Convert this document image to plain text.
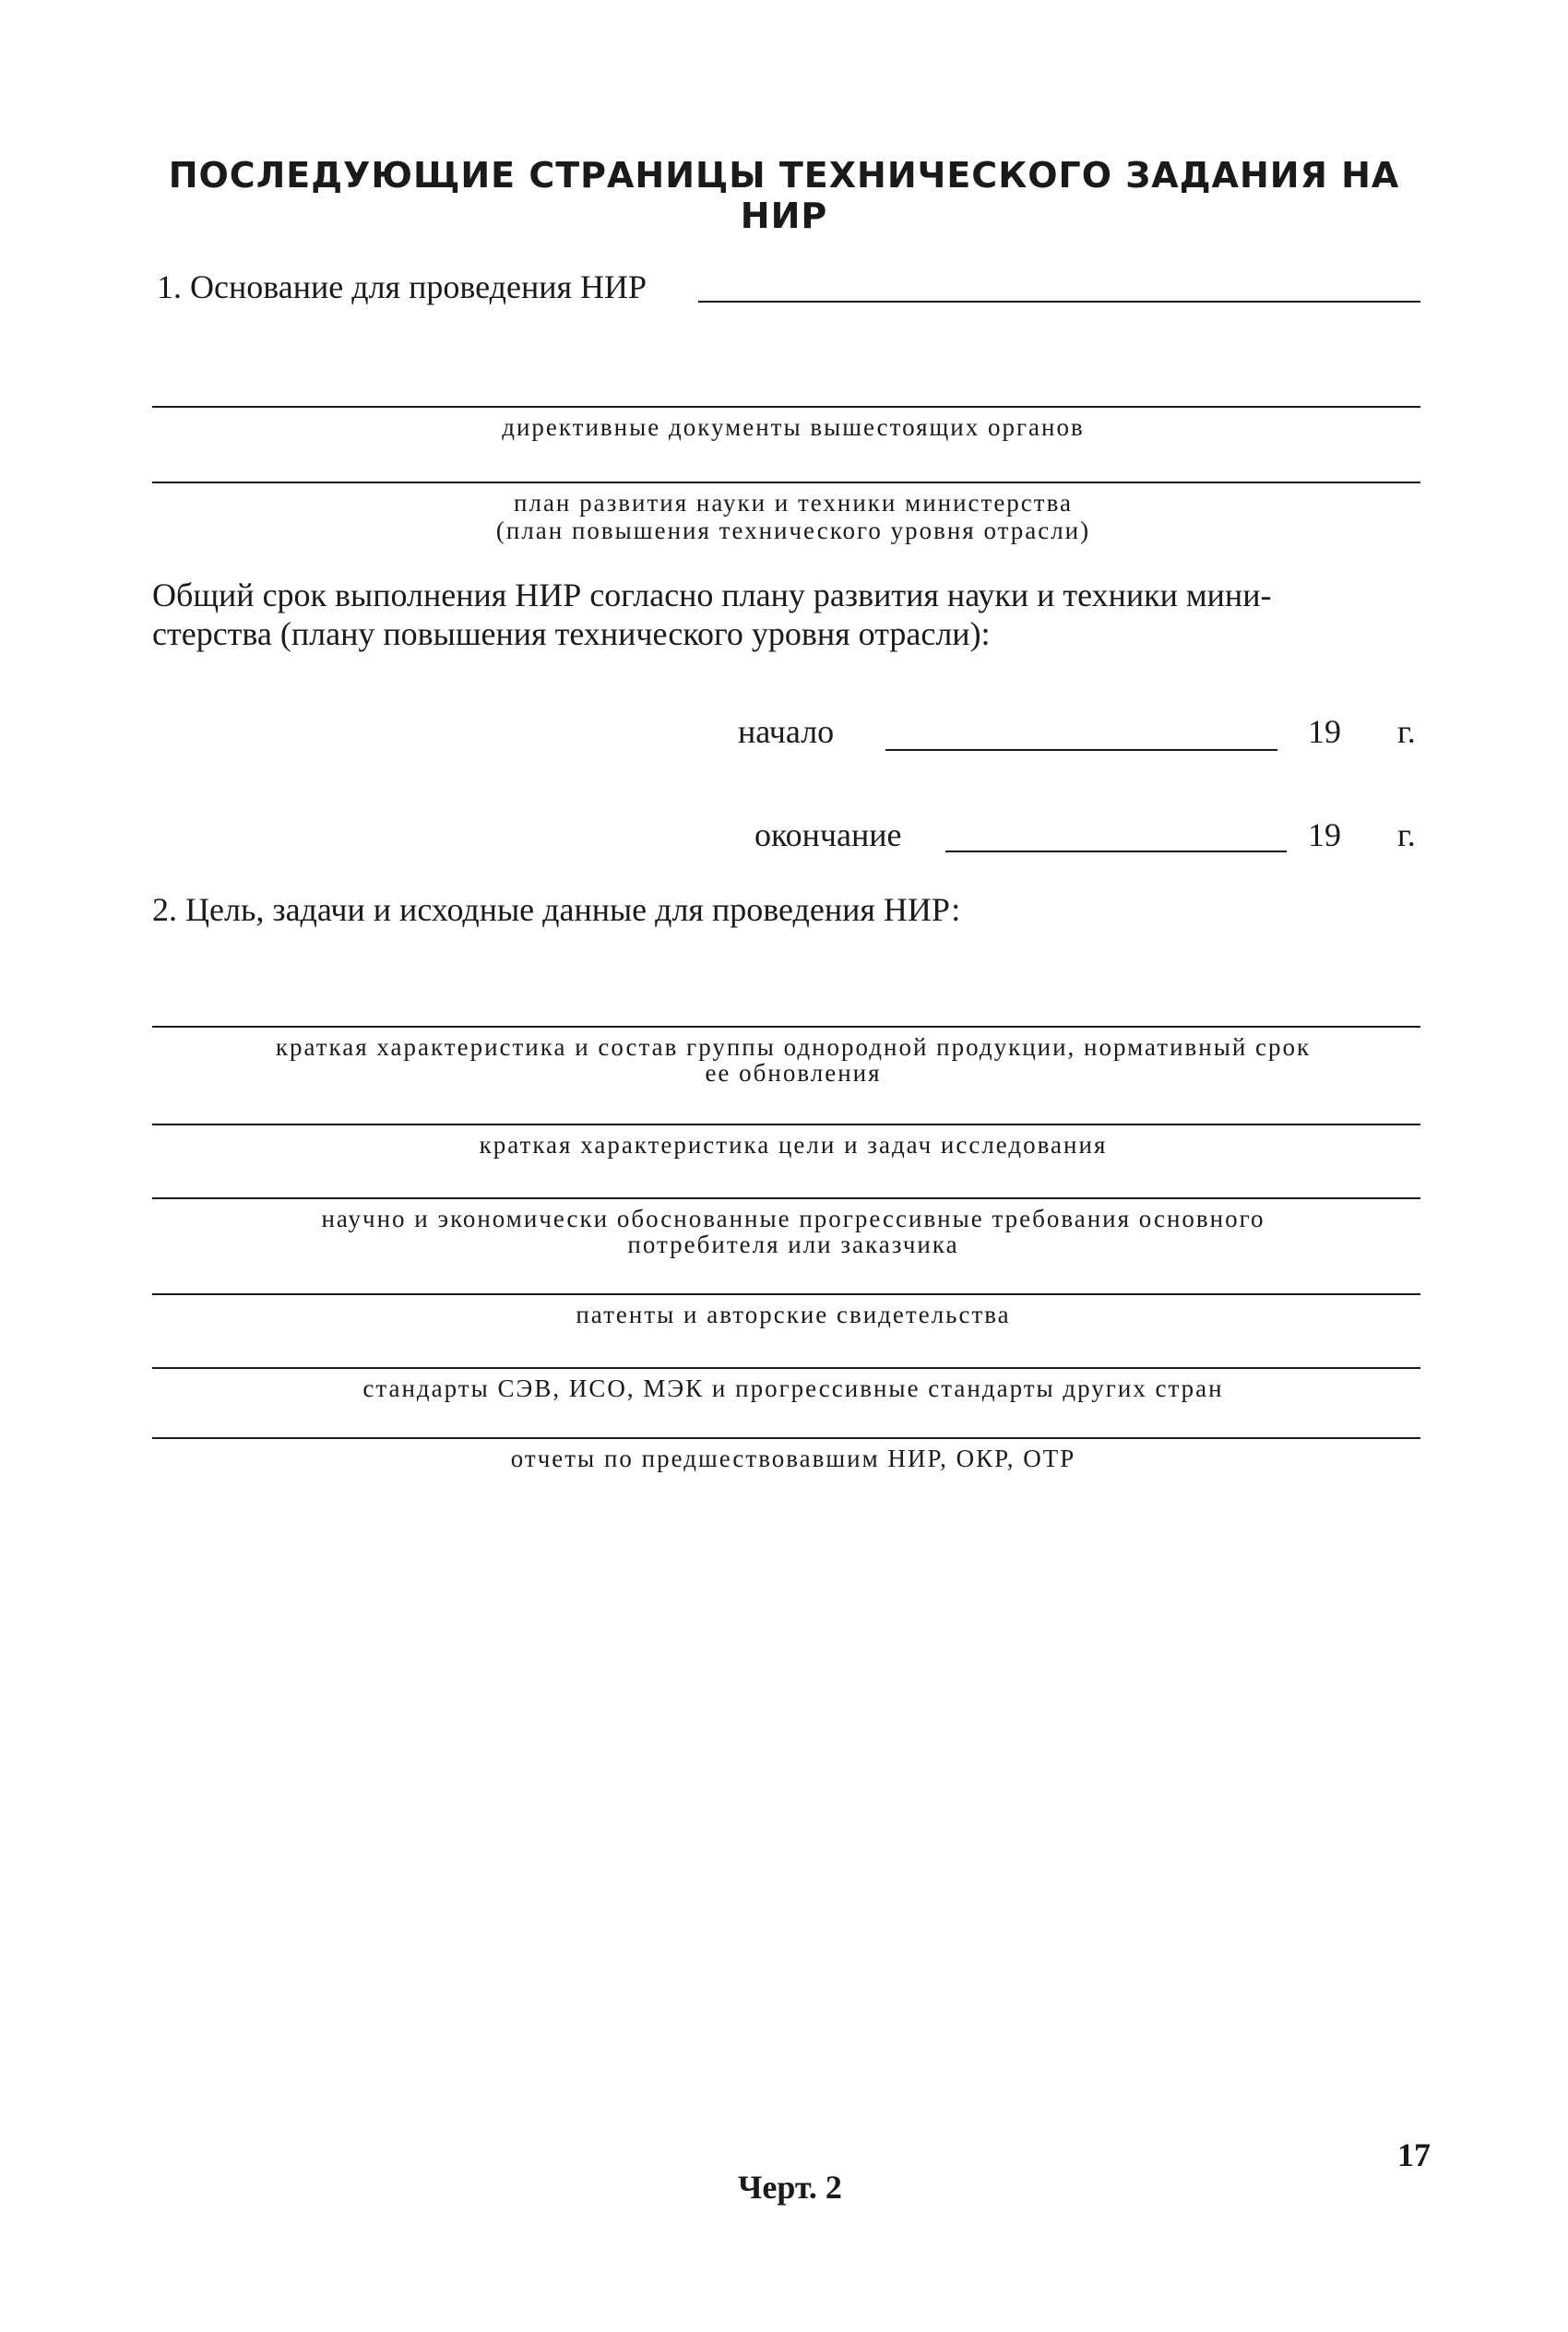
ПОСЛЕДУЮЩИЕ СТРАНИЦЫ ТЕХНИЧЕСКОГО ЗАДАНИЯ НА НИР
1. Основание для проведения НИР
директивные документы вышестоящих органов
план развития науки и техники министерства
(план повышения технического уровня отрасли)
Общий срок выполнения НИР согласно плану развития науки и техники мини-
стерства (плану повышения технического уровня отрасли):
начало	19 г.
окончание	19 г.
2. Цель, задачи и исходные данные для проведения НИР:
краткая характеристика и состав группы однородной продукции, нормативный срок
ее обновления
краткая характеристика цели и задач исследования
научно и экономически обоснованные прогрессивные требования основного
потребителя или заказчика
патенты и авторские свидетельства
стандарты СЭВ, ИСО, МЭК и прогрессивные стандарты других стран
отчеты по предшествовавшим НИР, ОКР, ОТР
Черт. 2
17
